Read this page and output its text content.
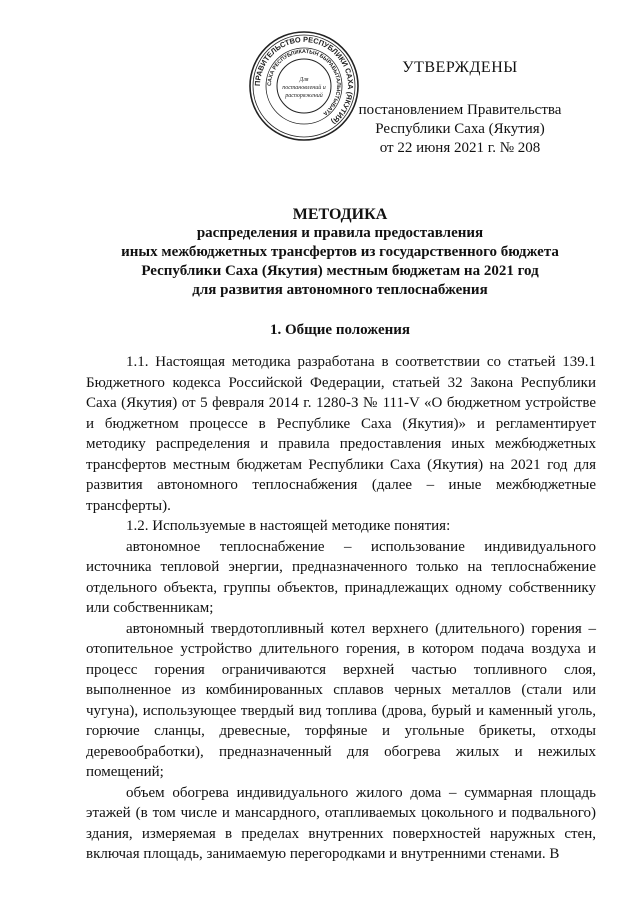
ПРАВИТЕЛЬСТВО РЕСПУБЛИКИ САХА (ЯКУТИЯ)
САХА РЕСПУБЛИКАТЫН БЫРАБЫТАЛЫСТЫБАТА
Для
постановлений и
распоряжений
УТВЕРЖДЕНЫ
постановлением Правительства
Республики Саха (Якутия)
от 22 июня 2021 г. № 208
МЕТОДИКА
распределения и правила предоставления
иных межбюджетных трансфертов из государственного бюджета
Республики Саха (Якутия) местным бюджетам на 2021 год
для развития автономного теплоснабжения
1. Общие положения

1.1. Настоящая методика разработана в соответствии со статьей 139.1 Бюджетного кодекса Российской Федерации, статьей 32 Закона Республики Саха (Якутия) от 5 февраля 2014 г. 1280-З № 111-V «О бюджетном устройстве и бюджетном процессе в Республике Саха (Якутия)» и регламентирует методику распределения и правила предоставления иных межбюджетных трансфертов местным бюджетам Республики Саха (Якутия) на 2021 год для развития автономного теплоснабжения (далее – иные межбюджетные трансферты).

1.2. Используемые в настоящей методике понятия:

автономное теплоснабжение – использование индивидуального источника тепловой энергии, предназначенного только на теплоснабжение отдельного объекта, группы объектов, принадлежащих одному собственнику или собственникам;

автономный твердотопливный котел верхнего (длительного) горения – отопительное устройство длительного горения, в котором подача воздуха и процесс горения ограничиваются верхней частью топливного слоя, выполненное из комбинированных сплавов черных металлов (стали или чугуна), использующее твердый вид топлива (дрова, бурый и каменный уголь, горючие сланцы, древесные, торфяные и угольные брикеты, отходы деревообработки), предназначенный для обогрева жилых и нежилых помещений;

объем обогрева индивидуального жилого дома – суммарная площадь этажей (в том числе и мансардного, отапливаемых цокольного и подвального) здания, измеряемая в пределах внутренних поверхностей наружных стен, включая площадь, занимаемую перегородками и внутренними стенами. В
